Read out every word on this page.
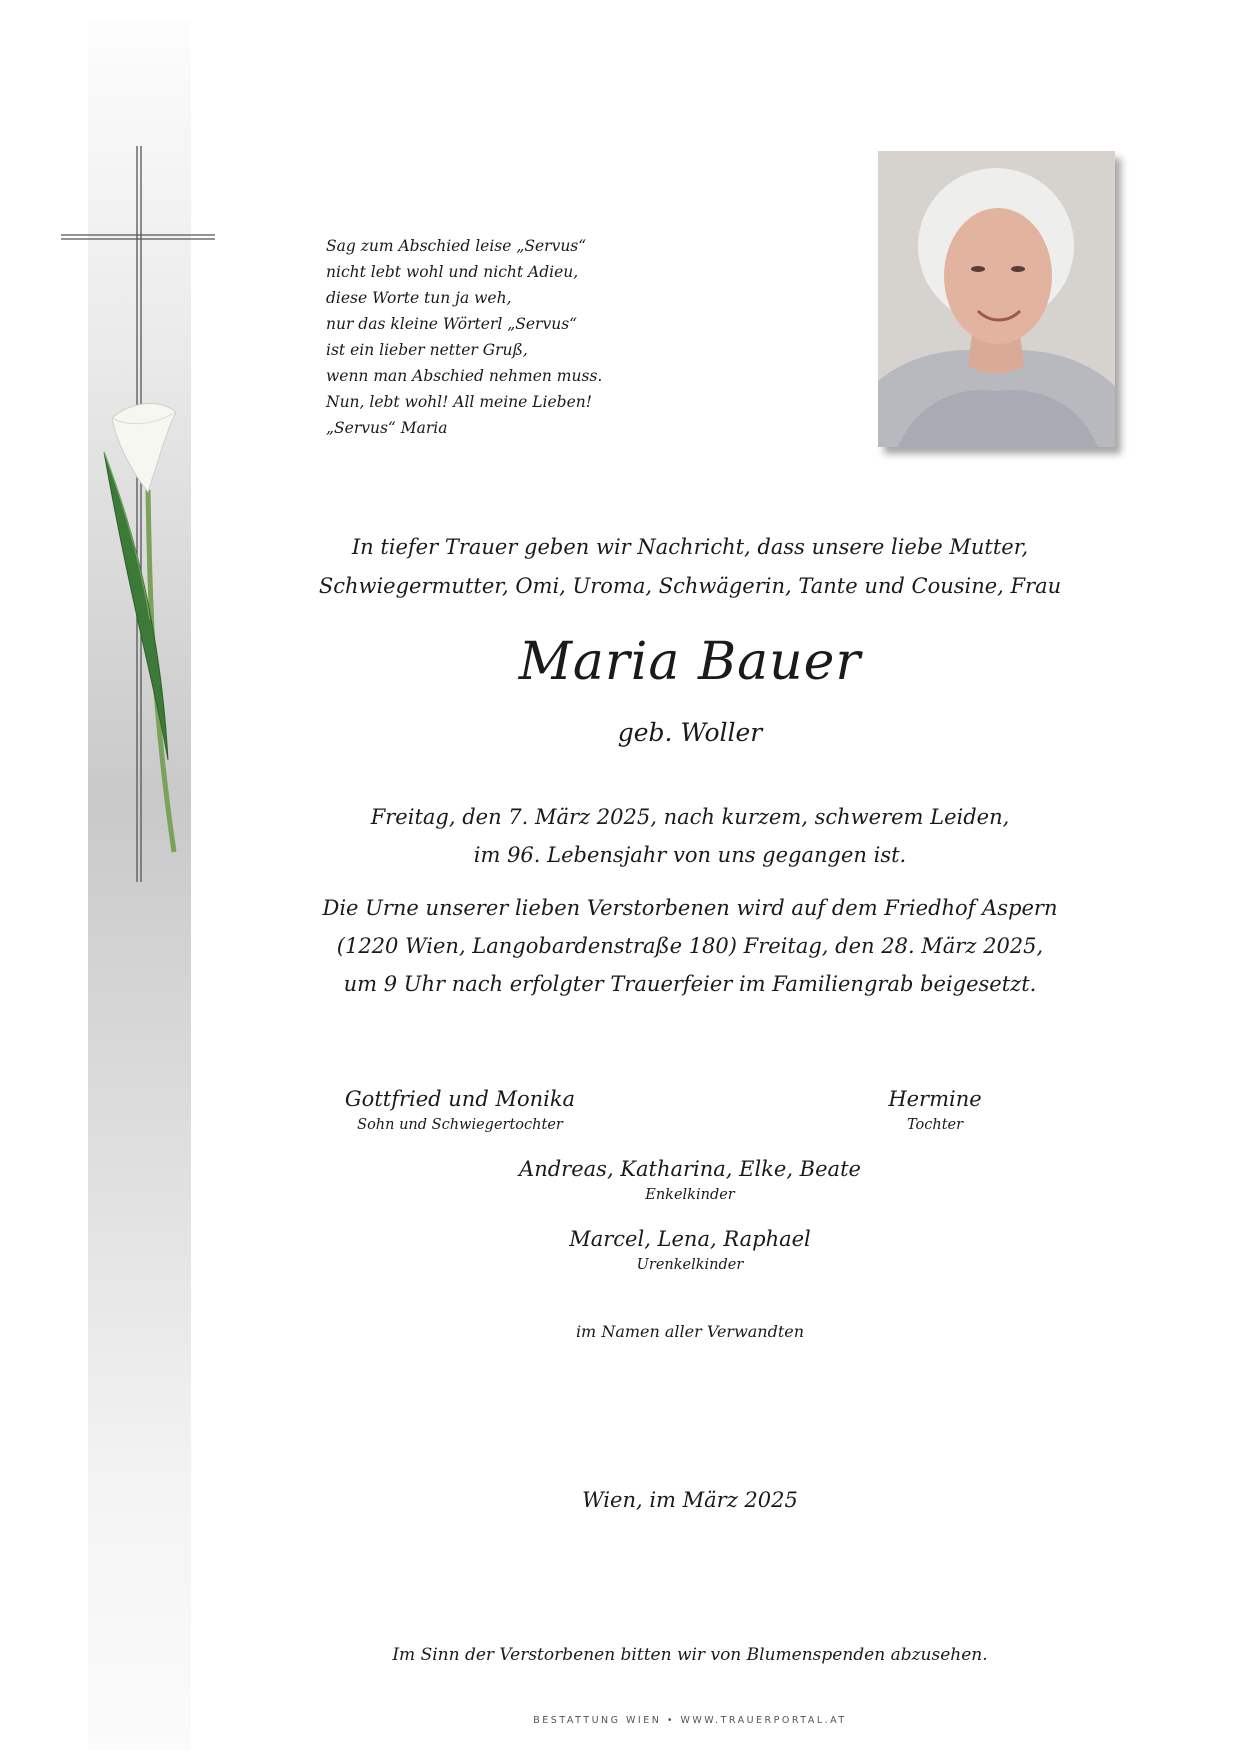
Sag zum Abschied leise „Servus“
nicht lebt wohl und nicht Adieu,
diese Worte tun ja weh,
nur das kleine Wörterl „Servus“
ist ein lieber netter Gruß,
wenn man Abschied nehmen muss.
Nun, lebt wohl! All meine Lieben!
„Servus“ Maria
In tiefer Trauer geben wir Nachricht, dass unsere liebe Mutter,
Schwiegermutter, Omi, Uroma, Schwägerin, Tante und Cousine, Frau
Maria Bauer
geb. Woller
Freitag, den 7. März 2025, nach kurzem, schwerem Leiden,
im 96. Lebensjahr von uns gegangen ist.
Die Urne unserer lieben Verstorbenen wird auf dem Friedhof Aspern
(1220 Wien, Langobardenstraße 180) Freitag, den 28. März 2025,
um 9 Uhr nach erfolgter Trauerfeier im Familiengrab beigesetzt.
Gottfried und Monika
Sohn und Schwiegertochter
Hermine
Tochter
Andreas, Katharina, Elke, Beate
Enkelkinder
Marcel, Lena, Raphael
Urenkelkinder
im Namen aller Verwandten
Wien, im März 2025
Im Sinn der Verstorbenen bitten wir von Blumenspenden abzusehen.
BESTATTUNG WIEN • WWW.TRAUERPORTAL.AT
